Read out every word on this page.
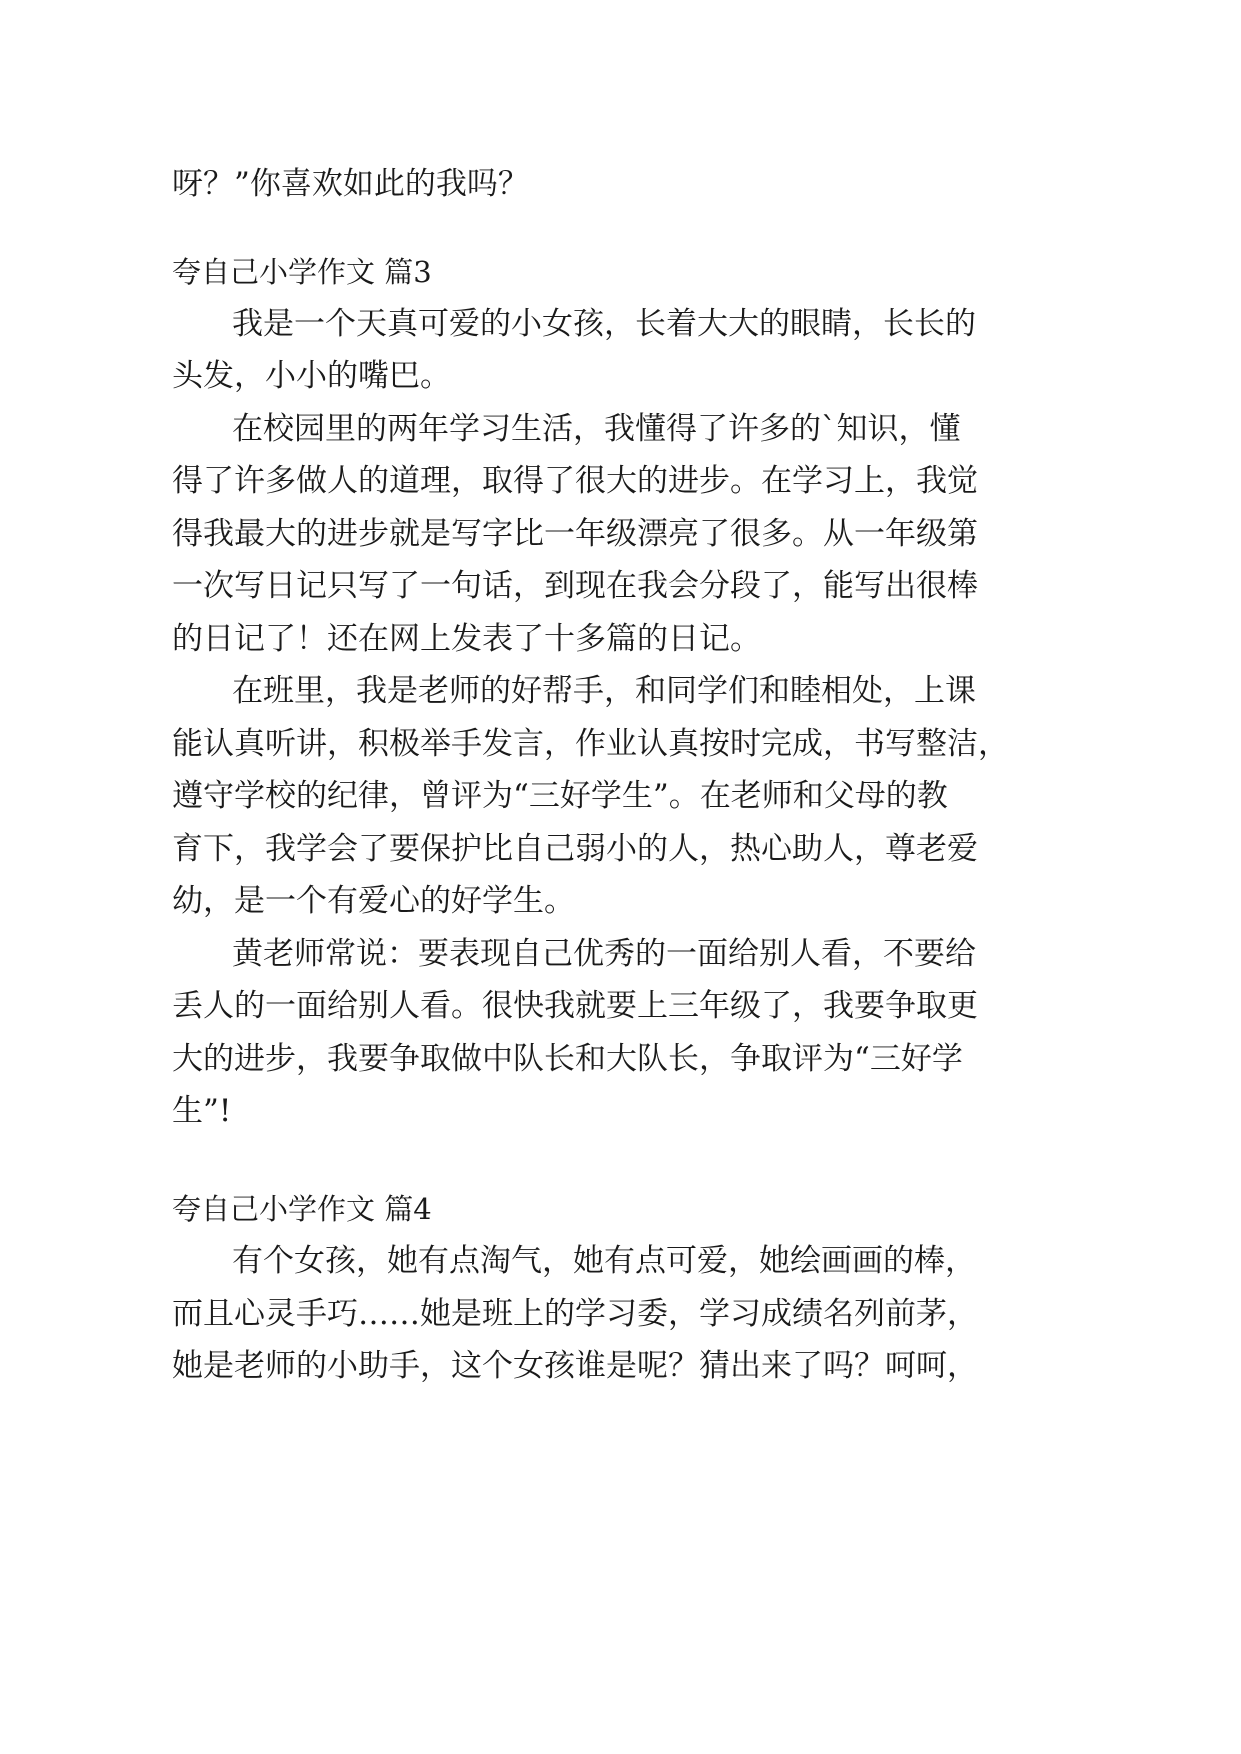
呀？”你喜欢如此的我吗？
夸自己小学作文 篇3
我是一个天真可爱的小女孩，长着大大的眼睛，长长的
头发，小小的嘴巴。
在校园里的两年学习生活，我懂得了许多的`知识，懂
得了许多做人的道理，取得了很大的进步。在学习上，我觉
得我最大的进步就是写字比一年级漂亮了很多。从一年级第
一次写日记只写了一句话，到现在我会分段了，能写出很棒
的日记了！还在网上发表了十多篇的日记。
在班里，我是老师的好帮手，和同学们和睦相处，上课
能认真听讲，积极举手发言，作业认真按时完成，书写整洁，
遵守学校的纪律，曾评为“三好学生”。在老师和父母的教
育下，我学会了要保护比自己弱小的人，热心助人，尊老爱
幼，是一个有爱心的好学生。
黄老师常说：要表现自己优秀的一面给别人看，不要给
丢人的一面给别人看。很快我就要上三年级了，我要争取更
大的进步，我要争取做中队长和大队长，争取评为“三好学
生”!
夸自己小学作文 篇4
有个女孩，她有点淘气，她有点可爱，她绘画画的棒，
而且心灵手巧……她是班上的学习委，学习成绩名列前茅，
她是老师的小助手，这个女孩谁是呢？猜出来了吗？呵呵，
